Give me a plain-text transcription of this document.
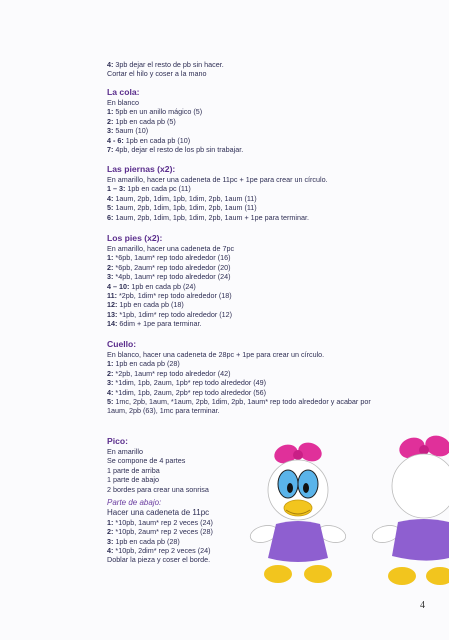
4: 3pb dejar el resto de pb sin hacer.
Cortar el hilo y coser a la mano
La cola:
En blanco
1: 5pb en un anillo mágico (5)
2: 1pb en cada pb (5)
3: 5aum (10)
4 - 6: 1pb en cada pb (10)
7: 4pb, dejar el resto de los pb sin trabajar.
Las piernas (x2):
En amarillo, hacer una cadeneta de 11pc + 1pe para crear un círculo.
1 – 3: 1pb en cada pc (11)
4: 1aum, 2pb, 1dim, 1pb, 1dim, 2pb, 1aum (11)
5: 1aum, 2pb, 1dim, 1pb, 1dim, 2pb, 1aum (11)
6: 1aum, 2pb, 1dim, 1pb, 1dim, 2pb, 1aum + 1pe para terminar.
Los pies (x2):
En amarillo, hacer una cadeneta de 7pc
1: *6pb, 1aum* rep todo alrededor (16)
2: *6pb, 2aum* rep todo alrededor (20)
3: *4pb, 1aum* rep todo alrededor (24)
4 – 10: 1pb en cada pb (24)
11: *2pb, 1dim* rep todo alrededor (18)
12: 1pb en cada pb (18)
13: *1pb, 1dim* rep todo alrededor (12)
14: 6dim + 1pe para terminar.
Cuello:
En blanco, hacer una cadeneta de 28pc + 1pe para crear un círculo.
1: 1pb en cada pb (28)
2: *2pb, 1aum* rep todo alrededor (42)
3: *1dim, 1pb, 2aum, 1pb* rep todo alrededor (49)
4: *1dim, 1pb, 2aum, 2pb* rep todo alrededor (56)
5: 1mc, 2pb, 1aum, *1aum, 2pb, 1dim, 2pb, 1aum* rep todo alrededor y acabar por
1aum, 2pb (63), 1mc para terminar.
Pico:
En amarillo
Se compone de 4 partes
1 parte de arriba
1 parte de abajo
2 bordes para crear una sonrisa
Parte de abajo:
Hacer una cadeneta de 11pc
1: *10pb, 1aum* rep 2 veces (24)
2: *10pb, 2aum* rep 2 veces (28)
3: 1pb en cada pb (28)
4: *10pb, 2dim* rep 2 veces (24)
Doblar la pieza y coser el borde.
4
